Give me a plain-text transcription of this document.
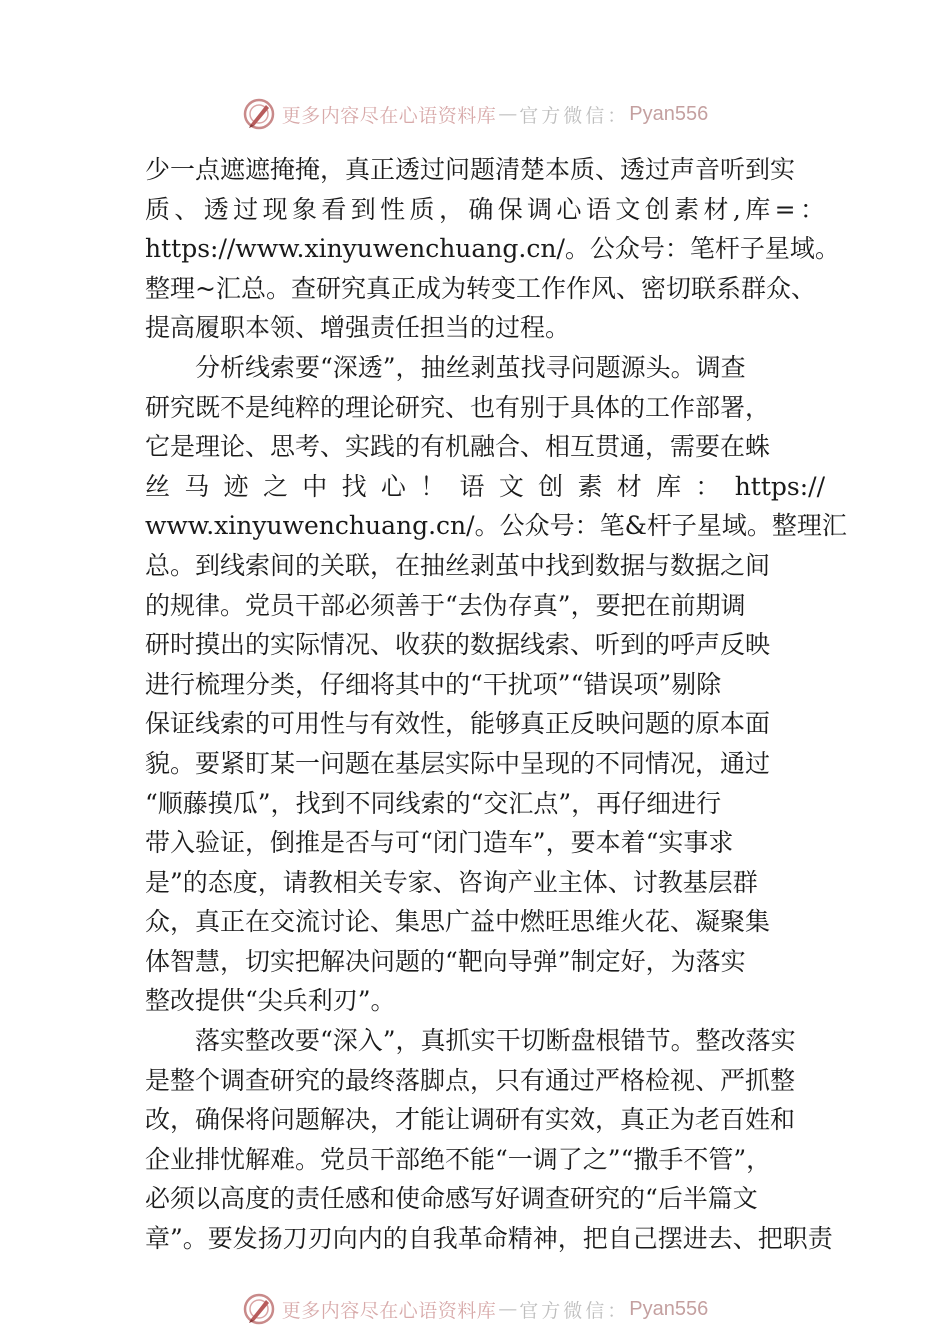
更多内容尽在心语资料库 — 官方微信： Pyan556
少一点遮遮掩掩，真正透过问题清楚本质、透过声音听到实
质、透过现象看到性质，确保调心语文创素材,库=：
https://www.xinyuwenchuang.cn/。公众号：笔杆子星域。
整理~汇总。查研究真正成为转变工作作风、密切联系群众、
提高履职本领、增强责任担当的过程。
分析线索要“深透”，抽丝剥茧找寻问题源头。调查
研究既不是纯粹的理论研究、也有别于具体的工作部署，
它是理论、思考、实践的有机融合、相互贯通，需要在蛛
丝马迹之中找心！语文创素材库：https://
www.xinyuwenchuang.cn/。公众号：笔&杆子星域。整理汇
总。到线索间的关联，在抽丝剥茧中找到数据与数据之间
的规律。党员干部必须善于“去伪存真”，要把在前期调
研时摸出的实际情况、收获的数据线索、听到的呼声反映
进行梳理分类，仔细将其中的“干扰项”“错误项”剔除
保证线索的可用性与有效性，能够真正反映问题的原本面
貌。要紧盯某一问题在基层实际中呈现的不同情况，通过
“顺藤摸瓜”，找到不同线索的“交汇点”，再仔细进行
带入验证，倒推是否与可“闭门造车”，要本着“实事求
是”的态度，请教相关专家、咨询产业主体、讨教基层群
众，真正在交流讨论、集思广益中燃旺思维火花、凝聚集
体智慧，切实把解决问题的“靶向导弹”制定好，为落实
整改提供“尖兵利刃”。
落实整改要“深入”，真抓实干切断盘根错节。整改落实
是整个调查研究的最终落脚点，只有通过严格检视、严抓整
改，确保将问题解决，才能让调研有实效，真正为老百姓和
企业排忧解难。党员干部绝不能“一调了之”“撒手不管”，
必须以高度的责任感和使命感写好调查研究的“后半篇文
章”。要发扬刀刃向内的自我革命精神，把自己摆进去、把职责
更多内容尽在心语资料库 — 官方微信： Pyan556
